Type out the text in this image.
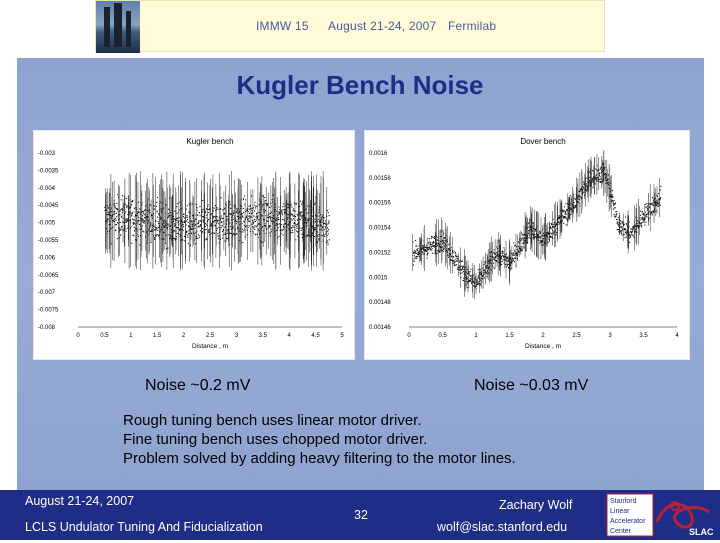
IMMW 15 August 21-24, 2007 Fermilab
Kugler Bench Noise
Kugler bench
0	0.5	1	1.5	2	2.5	3	3.5	4	4.5	5
-0.003
-0.0035
-0.004
-0.0045
-0.005
-0.0055
-0.006
-0.0065
-0.007
-0.0075
-0.008
Distance , m
Dover bench
0	0.5	1	1.5	2	2.5	3	3.5	4
0.0016
0.00158
0.00156
0.00154
0.00152
0.0015
0.00148
0.00146
Distance , m
Noise ~0.2 mV	Noise ~0.03 mV
Rough tuning bench uses linear motor driver.
Fine tuning bench uses chopped motor driver.
Problem solved by adding heavy filtering to the motor lines.
August 21-24, 2007
LCLS Undulator Tuning And Fiducialization
32
Zachary Wolf
wolf@slac.stanford.edu
Stanford
Linear
Accelerator
Center	SLAC
